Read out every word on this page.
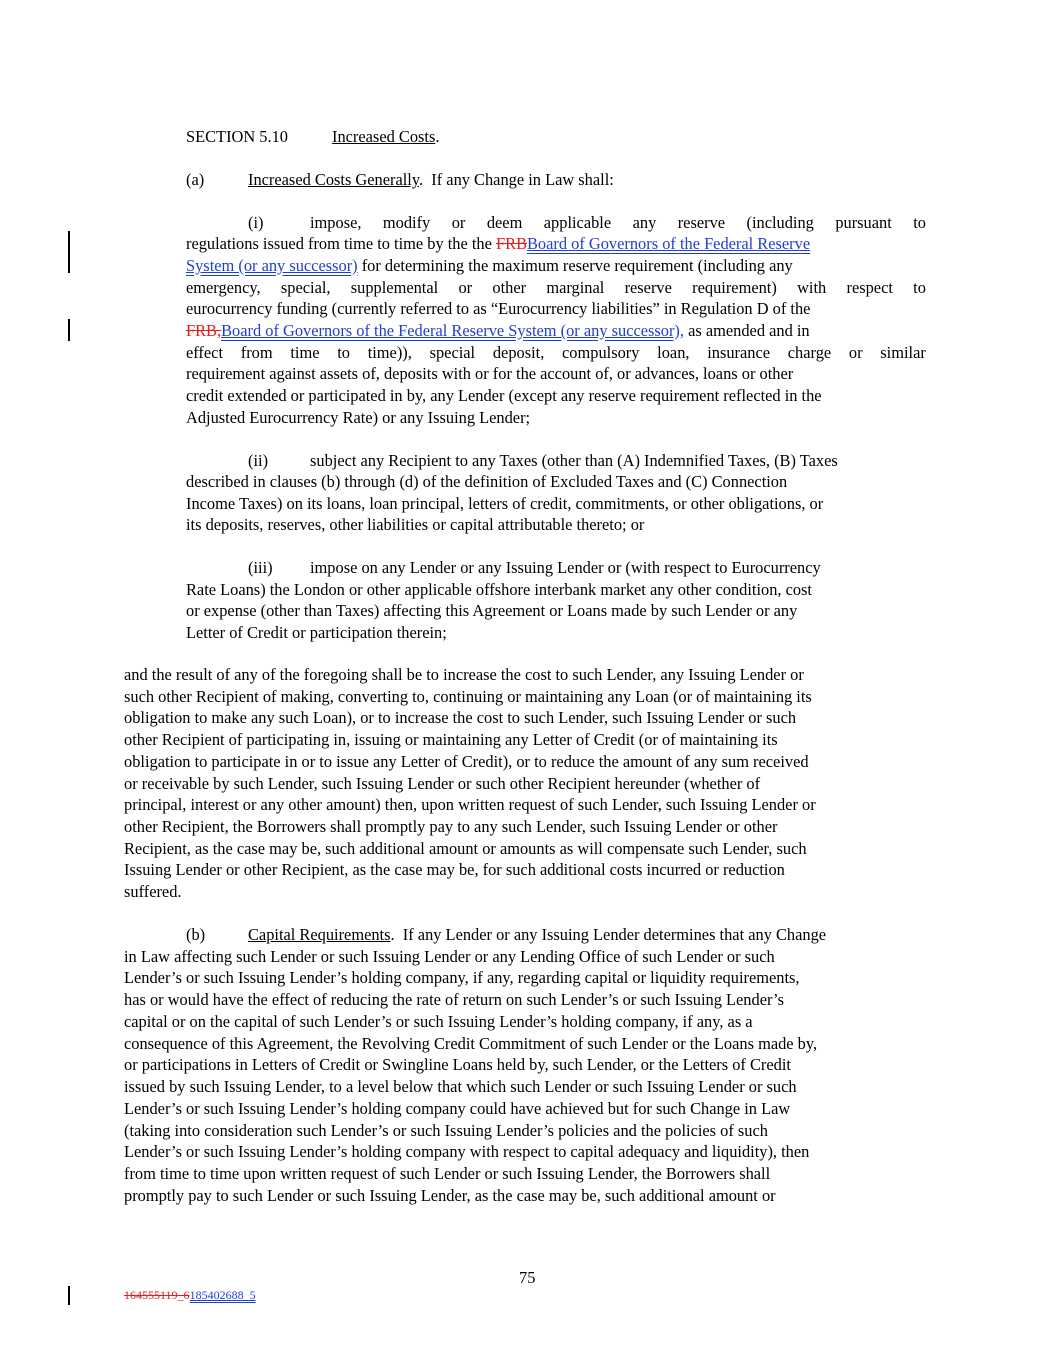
SECTION 5.10	Increased Costs.
(a)	Increased Costs Generally.  If any Change in Law shall:
(i)	impose, modify or deem applicable any reserve (including pursuant to
regulations issued from time to time by the the FRBBoard of Governors of the Federal Reserve
System (or any successor) for determining the maximum reserve requirement (including any
emergency, special, supplemental or other marginal reserve requirement) with respect to
eurocurrency funding (currently referred to as “Eurocurrency liabilities” in Regulation D of the
FRB,Board of Governors of the Federal Reserve System (or any successor), as amended and in
effect from time to time)), special deposit, compulsory loan, insurance charge or similar
requirement against assets of, deposits with or for the account of, or advances, loans or other
credit extended or participated in by, any Lender (except any reserve requirement reflected in the
Adjusted Eurocurrency Rate) or any Issuing Lender;
(ii)	subject any Recipient to any Taxes (other than (A) Indemnified Taxes, (B) Taxes
described in clauses (b) through (d) of the definition of Excluded Taxes and (C) Connection
Income Taxes) on its loans, loan principal, letters of credit, commitments, or other obligations, or
its deposits, reserves, other liabilities or capital attributable thereto; or
(iii) impose on any Lender or any Issuing Lender or (with respect to Eurocurrency
Rate Loans) the London or other applicable offshore interbank market any other condition, cost
or expense (other than Taxes) affecting this Agreement or Loans made by such Lender or any
Letter of Credit or participation therein;
and the result of any of the foregoing shall be to increase the cost to such Lender, any Issuing Lender or
such other Recipient of making, converting to, continuing or maintaining any Loan (or of maintaining its
obligation to make any such Loan), or to increase the cost to such Lender, such Issuing Lender or such
other Recipient of participating in, issuing or maintaining any Letter of Credit (or of maintaining its
obligation to participate in or to issue any Letter of Credit), or to reduce the amount of any sum received
or receivable by such Lender, such Issuing Lender or such other Recipient hereunder (whether of
principal, interest or any other amount) then, upon written request of such Lender, such Issuing Lender or
other Recipient, the Borrowers shall promptly pay to any such Lender, such Issuing Lender or other
Recipient, as the case may be, such additional amount or amounts as will compensate such Lender, such
Issuing Lender or other Recipient, as the case may be, for such additional costs incurred or reduction
suffered.
(b)	Capital Requirements.  If any Lender or any Issuing Lender determines that any Change
in Law affecting such Lender or such Issuing Lender or any Lending Office of such Lender or such
Lender’s or such Issuing Lender’s holding company, if any, regarding capital or liquidity requirements,
has or would have the effect of reducing the rate of return on such Lender’s or such Issuing Lender’s
capital or on the capital of such Lender’s or such Issuing Lender’s holding company, if any, as a
consequence of this Agreement, the Revolving Credit Commitment of such Lender or the Loans made by,
or participations in Letters of Credit or Swingline Loans held by, such Lender, or the Letters of Credit
issued by such Issuing Lender, to a level below that which such Lender or such Issuing Lender or such
Lender’s or such Issuing Lender’s holding company could have achieved but for such Change in Law
(taking into consideration such Lender’s or such Issuing Lender’s policies and the policies of such
Lender’s or such Issuing Lender’s holding company with respect to capital adequacy and liquidity), then
from time to time upon written request of such Lender or such Issuing Lender, the Borrowers shall
promptly pay to such Lender or such Issuing Lender, as the case may be, such additional amount or
75
164555119_6185402688_5
